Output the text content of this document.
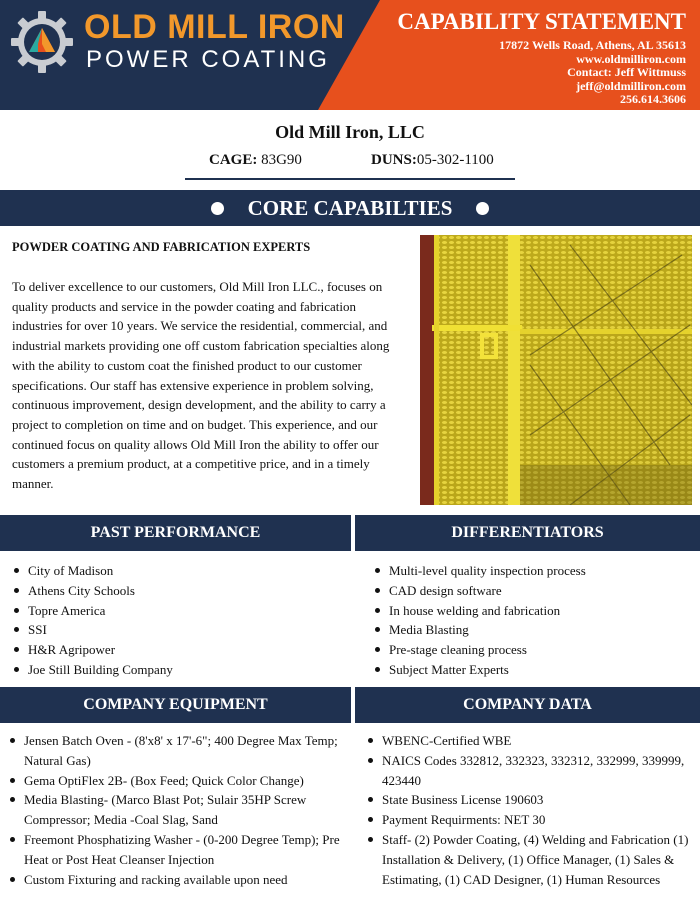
OLD MILL IRON
POWER COATING
CAPABILITY STATEMENT
17872 Wells Road, Athens, AL 35613
www.oldmilliron.com
Contact: Jeff Wittmuss
jeff@oldmilliron.com
256.614.3606
Old Mill Iron, LLC
CAGE: 83G90	DUNS:05-302-1100
CORE CAPABILTIES
POWDER COATING AND FABRICATION EXPERTS

To deliver excellence to our customers, Old Mill Iron LLC., focuses on quality products and service in the powder coating and fabrication industries for over 10 years. We service the residential, commercial, and industrial markets providing one off custom fabrication specialties along with the ability to custom coat the finished product to our customer specifications. Our staff has extensive experience in problem solving, continuous improvement, design development, and the ability to carry a project to completion on time and on budget. This experience, and our continued focus on quality allows Old Mill Iron the ability to offer our customers a premium product, at a competitive price, and in a timely manner.

PAST PERFORMANCE	DIFFERENTIATORS
City of Madison
Athens City Schools
Topre America
SSI
H&R Agripower
Joe Still Building Company
Multi-level quality inspection process
CAD design software
In house welding and fabrication
Media Blasting
Pre-stage cleaning process
Subject Matter Experts
COMPANY EQUIPMENT	COMPANY DATA
Jensen Batch Oven - (8'x8' x 17'-6"; 400 Degree Max Temp; Natural Gas)
Gema OptiFlex 2B- (Box Feed; Quick Color Change)
Media Blasting- (Marco Blast Pot; Sulair 35HP Screw Compressor; Media -Coal Slag, Sand
Freemont Phosphatizing Washer - (0-200 Degree Temp); Pre Heat or Post Heat Cleanser Injection
Custom Fixturing and racking available upon need
WBENC-Certified WBE
NAICS Codes 332812, 332323, 332312, 332999, 339999, 423440
State Business License 190603
Payment Requirments: NET 30
Staff- (2) Powder Coating, (4) Welding and Fabrication (1) Installation & Delivery, (1) Office Manager, (1) Sales & Estimating, (1) CAD Designer, (1) Human Resources
